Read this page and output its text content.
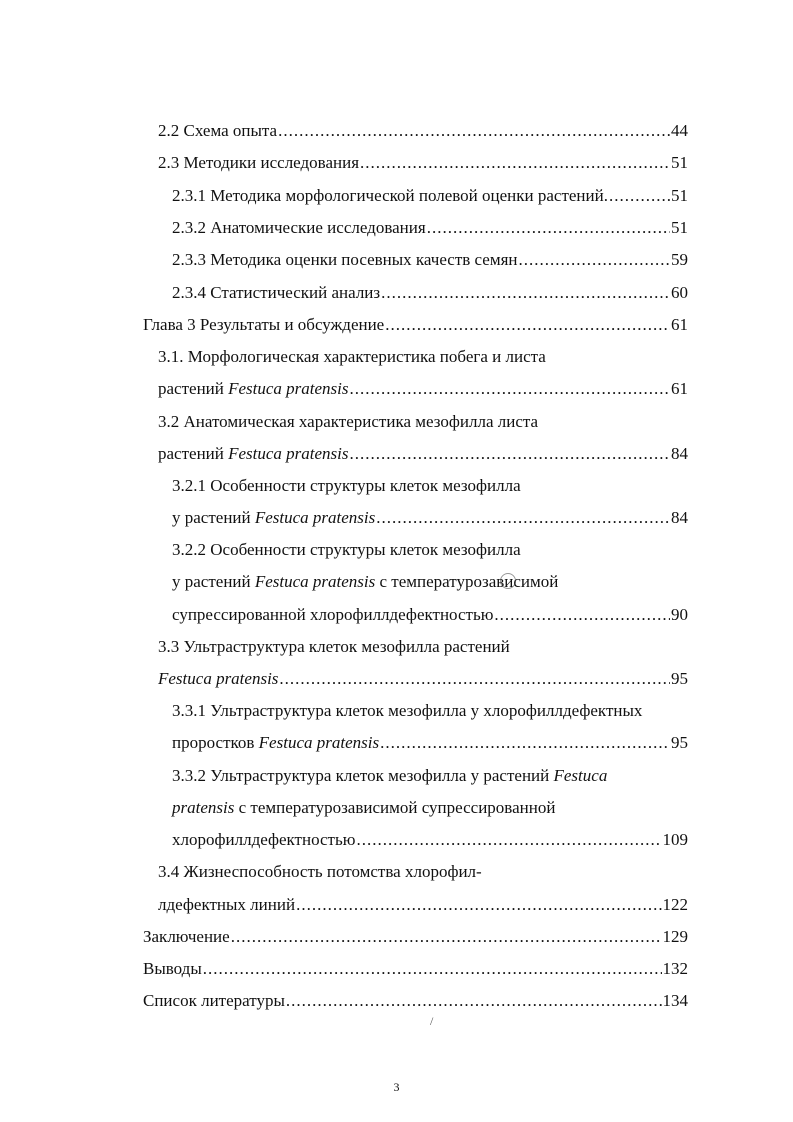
2.2 Схема опыта .....	44
2.3 Методики исследования .....	51
2.3.1 Методика морфологической полевой оценки растений. .....	51
2.3.2 Анатомические исследования .....	51
2.3.3 Методика оценки посевных качеств семян .....	59
2.3.4 Статистический анализ .....	60
Глава 3 Результаты и обсуждение .....	61
3.1. Морфологическая характеристика побега и листа
растений Festuca pratensis .....	61
3.2 Анатомическая характеристика мезофилла листа
растений Festuca pratensis .....	84
3.2.1 Особенности структуры клеток мезофилла
у растений Festuca pratensis .....	84
3.2.2 Особенности структуры клеток мезофилла
у растений Festuca pratensis с температурозависимой
супрессированной хлорофиллдефектностью .....	90
3.3 Ультраструктура клеток мезофилла растений
Festuca pratensis .....	95
3.3.1 Ультраструктура клеток мезофилла у хлорофиллдефектных
проростков Festuca pratensis .....	95
3.3.2 Ультраструктура клеток мезофилла у растений Festuca
pratensis с температурозависимой супрессированной
хлорофиллдефектностью .....	109
3.4 Жизнеспособность потомства хлорофил-
лдефектных линий .....	122
Заключение .....	129
Выводы .....	132
Список литературы .....	134
/
3
